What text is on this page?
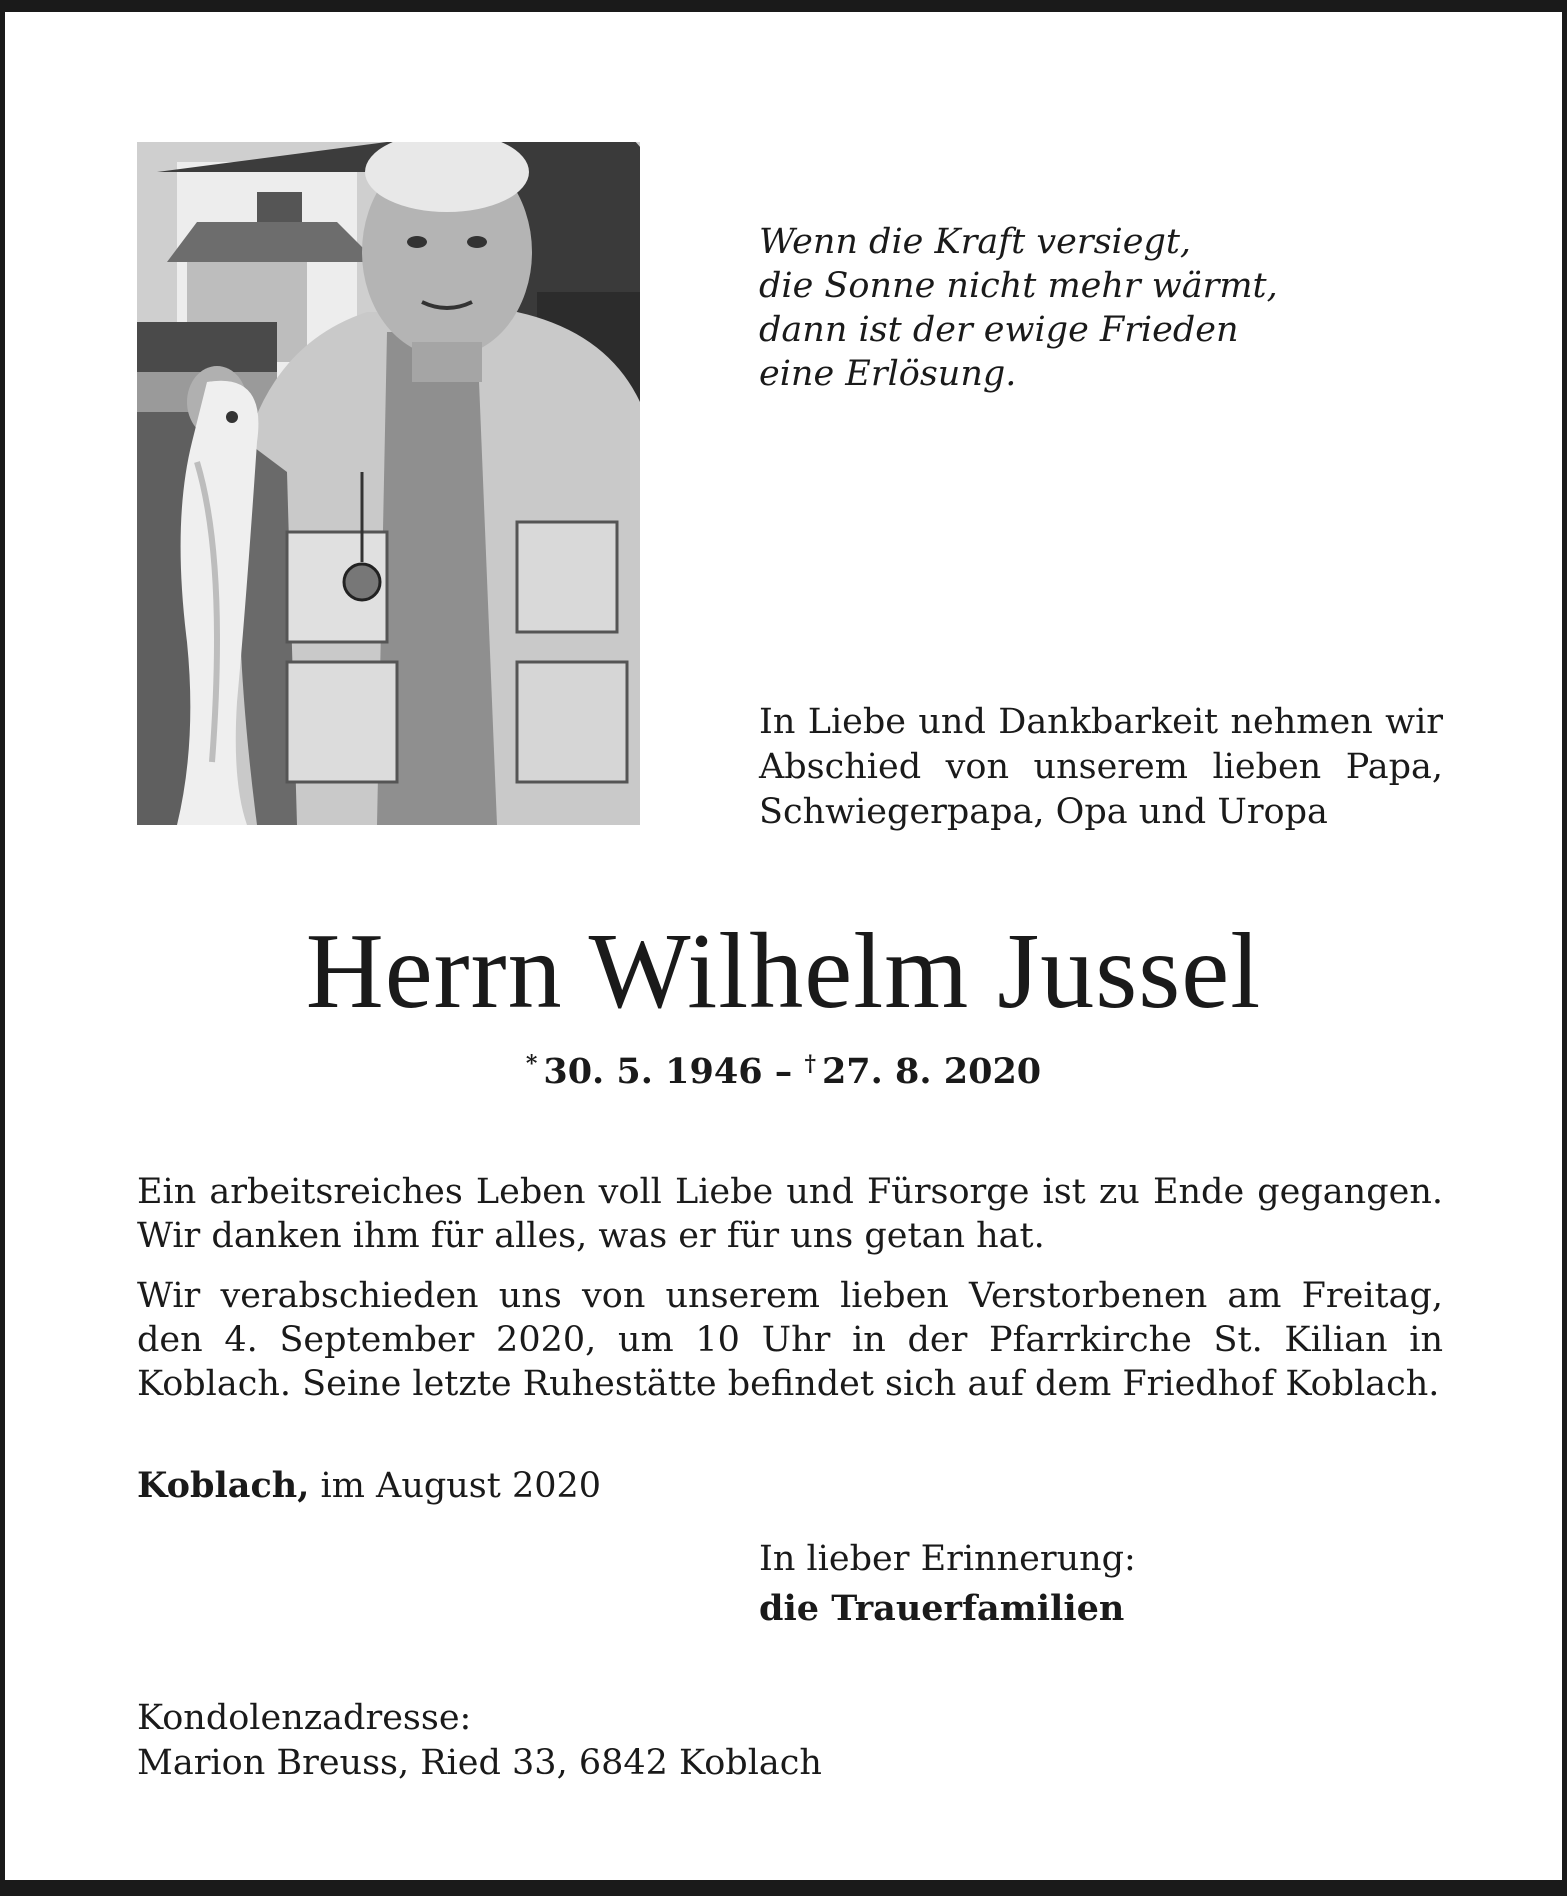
Wenn die Kraft versiegt,
die Sonne nicht mehr wärmt,
dann ist der ewige Frieden
eine Erlösung.
In Liebe und Dankbarkeit nehmen wir Abschied von unserem lieben Papa, Schwiegerpapa, Opa und Uropa
Herrn Wilhelm Jussel
* 30. 5. 1946 – † 27. 8. 2020
Ein arbeitsreiches Leben voll Liebe und Fürsorge ist zu Ende gegangen. Wir danken ihm für alles, was er für uns getan hat.
Wir verabschieden uns von unserem lieben Verstorbenen am Freitag, den 4. September 2020, um 10 Uhr in der Pfarrkirche St. Kilian in Koblach. Seine letzte Ruhestätte befindet sich auf dem Friedhof Koblach.
Koblach, im August 2020
In lieber Erinnerung:
die Trauerfamilien
Kondolenzadresse:
Marion Breuss, Ried 33, 6842 Koblach
